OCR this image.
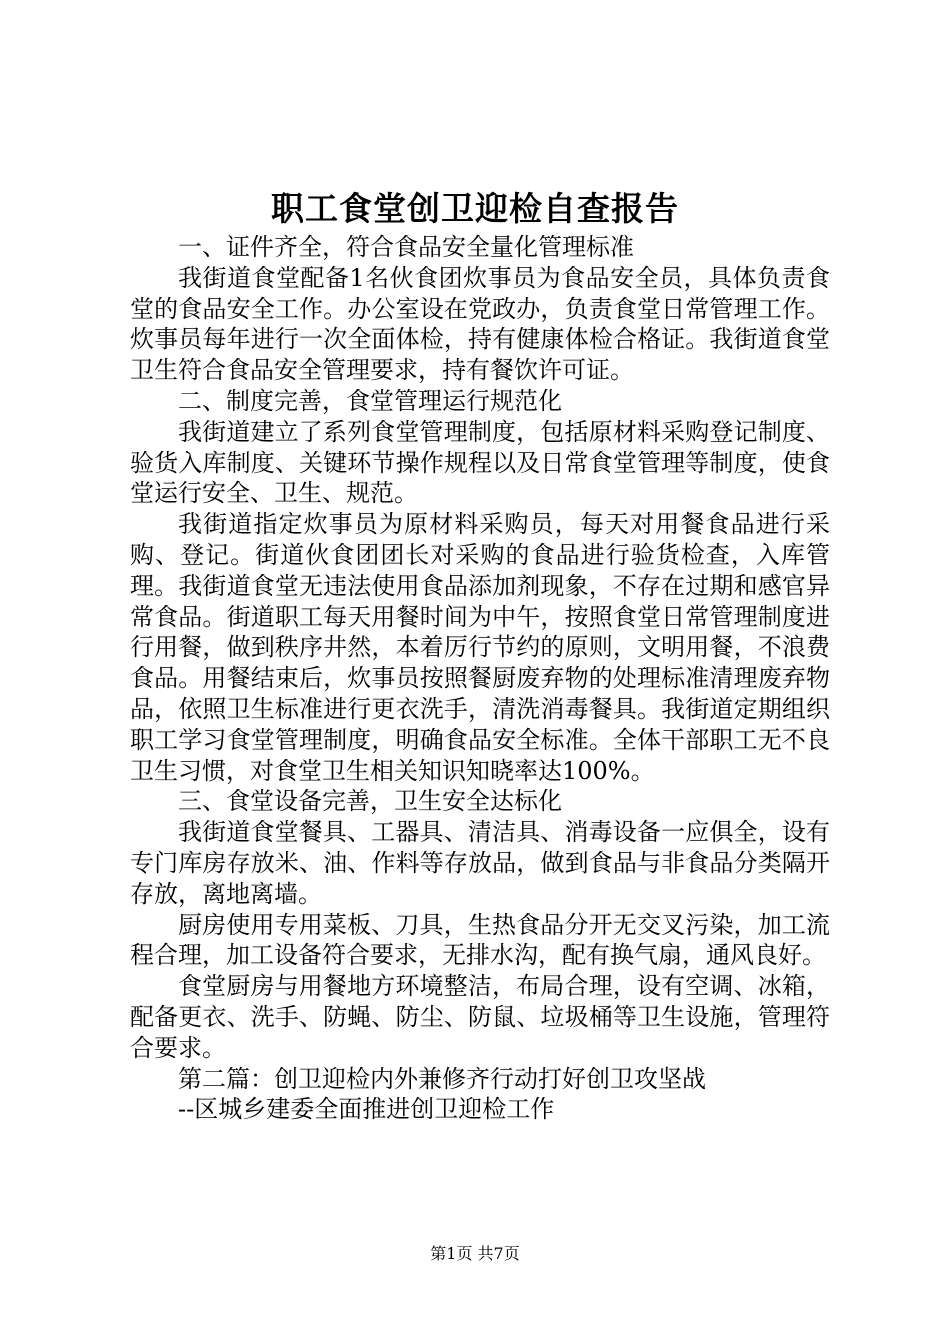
职工食堂创卫迎检自查报告

一、证件齐全，符合食品安全量化管理标准

我街道食堂配备1名伙食团炊事员为食品安全员，具体负责食堂的食品安全工作。办公室设在党政办，负责食堂日常管理工作。炊事员每年进行一次全面体检，持有健康体检合格证。我街道食堂卫生符合食品安全管理要求，持有餐饮许可证。

二、制度完善，食堂管理运行规范化

我街道建立了系列食堂管理制度，包括原材料采购登记制度、验货入库制度、关键环节操作规程以及日常食堂管理等制度，使食堂运行安全、卫生、规范。

我街道指定炊事员为原材料采购员，每天对用餐食品进行采购、登记。街道伙食团团长对采购的食品进行验货检查，入库管理。我街道食堂无违法使用食品添加剂现象，不存在过期和感官异常食品。街道职工每天用餐时间为中午，按照食堂日常管理制度进行用餐，做到秩序井然，本着厉行节约的原则，文明用餐，不浪费食品。用餐结束后，炊事员按照餐厨废弃物的处理标准清理废弃物品，依照卫生标准进行更衣洗手，清洗消毒餐具。我街道定期组织职工学习食堂管理制度，明确食品安全标准。全体干部职工无不良卫生习惯，对食堂卫生相关知识知晓率达100%。

三、食堂设备完善，卫生安全达标化

我街道食堂餐具、工器具、清洁具、消毒设备一应俱全，设有专门库房存放米、油、作料等存放品，做到食品与非食品分类隔开存放，离地离墙。

厨房使用专用菜板、刀具，生热食品分开无交叉污染，加工流程合理，加工设备符合要求，无排水沟，配有换气扇，通风良好。

食堂厨房与用餐地方环境整洁，布局合理，设有空调、冰箱，配备更衣、洗手、防蝇、防尘、防鼠、垃圾桶等卫生设施，管理符合要求。

第二篇：创卫迎检内外兼修齐行动打好创卫攻坚战

--区城乡建委全面推进创卫迎检工作

第1页 共7页
